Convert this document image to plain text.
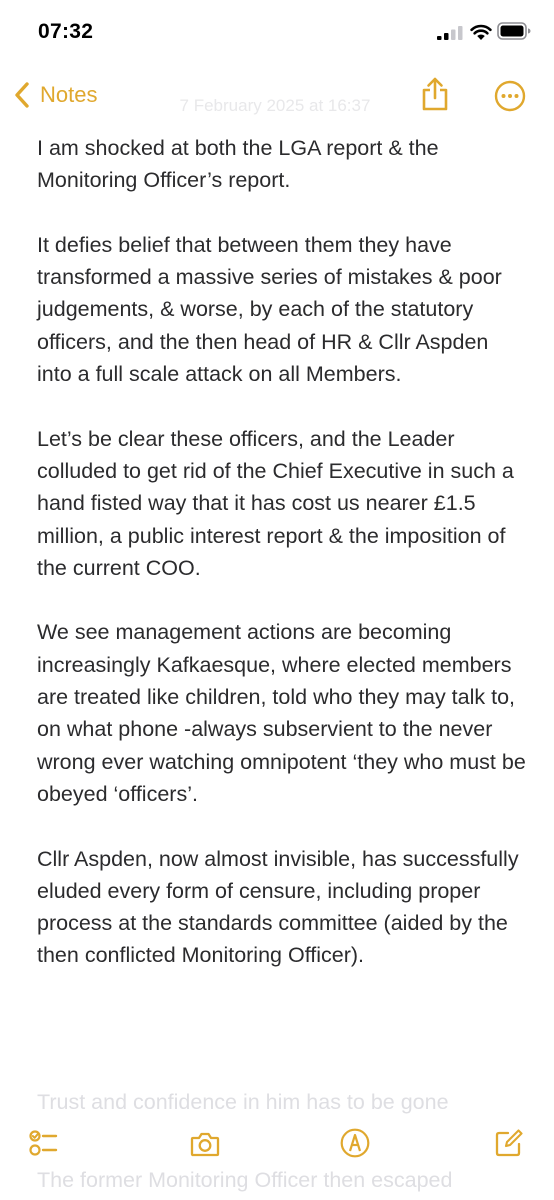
07:32
Notes	7 February 2025 at 16:37

I am shocked at both the LGA report & the Monitoring Officer’s report.

It defies belief that between them they have transformed a massive series of mistakes & poor judgements, & worse, by each of the statutory officers, and the then head of HR & Cllr Aspden into a full scale attack on all Members.

Let’s be clear these officers, and the Leader colluded to get rid of the Chief Executive in such a hand fisted way that it has cost us nearer £1.5 million, a public interest report & the imposition of the current COO.

We see management actions are becoming increasingly Kafkaesque, where elected members are treated like children, told who they may talk to, on what phone -always subservient to the never wrong ever watching omnipotent ‘they who must be obeyed ‘officers’.

Cllr Aspden, now almost invisible, has successfully eluded every form of censure, including proper process at the standards committee (aided by the then conflicted Monitoring Officer).

Trust and confidence in him has to be gone
The former Monitoring Officer then escaped
